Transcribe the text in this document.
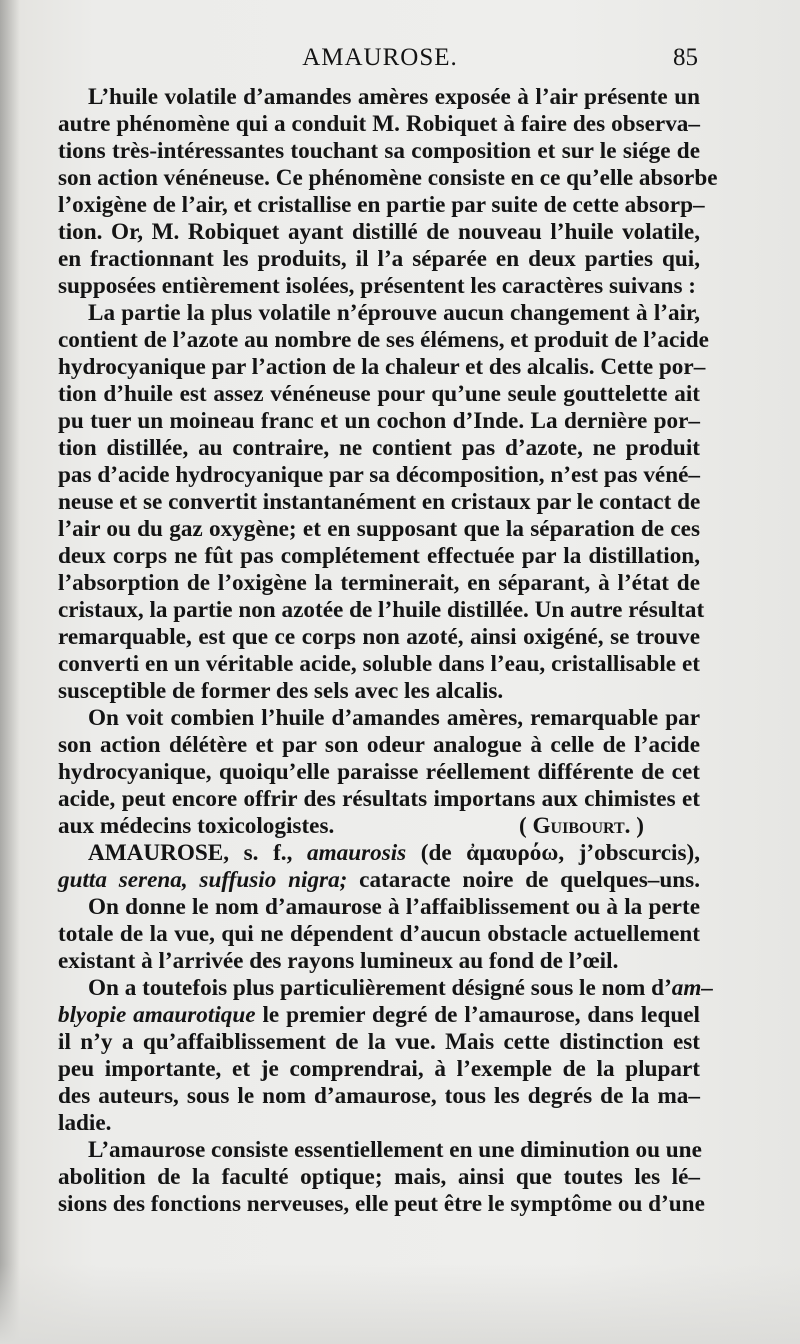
AMAUROSE.	85
L’huile volatile d’amandes amères exposée à l’air présente un
autre phénomène qui a conduit M. Robiquet à faire des observa–
tions très-intéressantes touchant sa composition et sur le siége de
son action vénéneuse. Ce phénomène consiste en ce qu’elle absorbe
l’oxigène de l’air, et cristallise en partie par suite de cette absorp–
tion. Or, M. Robiquet ayant distillé de nouveau l’huile volatile,
en fractionnant les produits, il l’a séparée en deux parties qui,
supposées entièrement isolées, présentent les caractères suivans :
La partie la plus volatile n’éprouve aucun changement à l’air,
contient de l’azote au nombre de ses élémens, et produit de l’acide
hydrocyanique par l’action de la chaleur et des alcalis. Cette por–
tion d’huile est assez vénéneuse pour qu’une seule gouttelette ait
pu tuer un moineau franc et un cochon d’Inde. La dernière por–
tion distillée, au contraire, ne contient pas d’azote, ne produit
pas d’acide hydrocyanique par sa décomposition, n’est pas véné–
neuse et se convertit instantanément en cristaux par le contact de
l’air ou du gaz oxygène; et en supposant que la séparation de ces
deux corps ne fût pas complétement effectuée par la distillation,
l’absorption de l’oxigène la terminerait, en séparant, à l’état de
cristaux, la partie non azotée de l’huile distillée. Un autre résultat
remarquable, est que ce corps non azoté, ainsi oxigéné, se trouve
converti en un véritable acide, soluble dans l’eau, cristallisable et
susceptible de former des sels avec les alcalis.
On voit combien l’huile d’amandes amères, remarquable par
son action délétère et par son odeur analogue à celle de l’acide
hydrocyanique, quoiqu’elle paraisse réellement différente de cet
acide, peut encore offrir des résultats importans aux chimistes et
aux médecins toxicologistes.	( Guibourt. )
AMAUROSE, s. f., amaurosis (de ἀμαυρόω, j’obscurcis),
gutta serena, suffusio nigra; cataracte noire de quelques–uns.
On donne le nom d’amaurose à l’affaiblissement ou à la perte
totale de la vue, qui ne dépendent d’aucun obstacle actuellement
existant à l’arrivée des rayons lumineux au fond de l’œil.
On a toutefois plus particulièrement désigné sous le nom d’am–
blyopie amaurotique le premier degré de l’amaurose, dans lequel
il n’y a qu’affaiblissement de la vue. Mais cette distinction est
peu importante, et je comprendrai, à l’exemple de la plupart
des auteurs, sous le nom d’amaurose, tous les degrés de la ma–
ladie.
L’amaurose consiste essentiellement en une diminution ou une
abolition de la faculté optique; mais, ainsi que toutes les lé–
sions des fonctions nerveuses, elle peut être le symptôme ou d’une
